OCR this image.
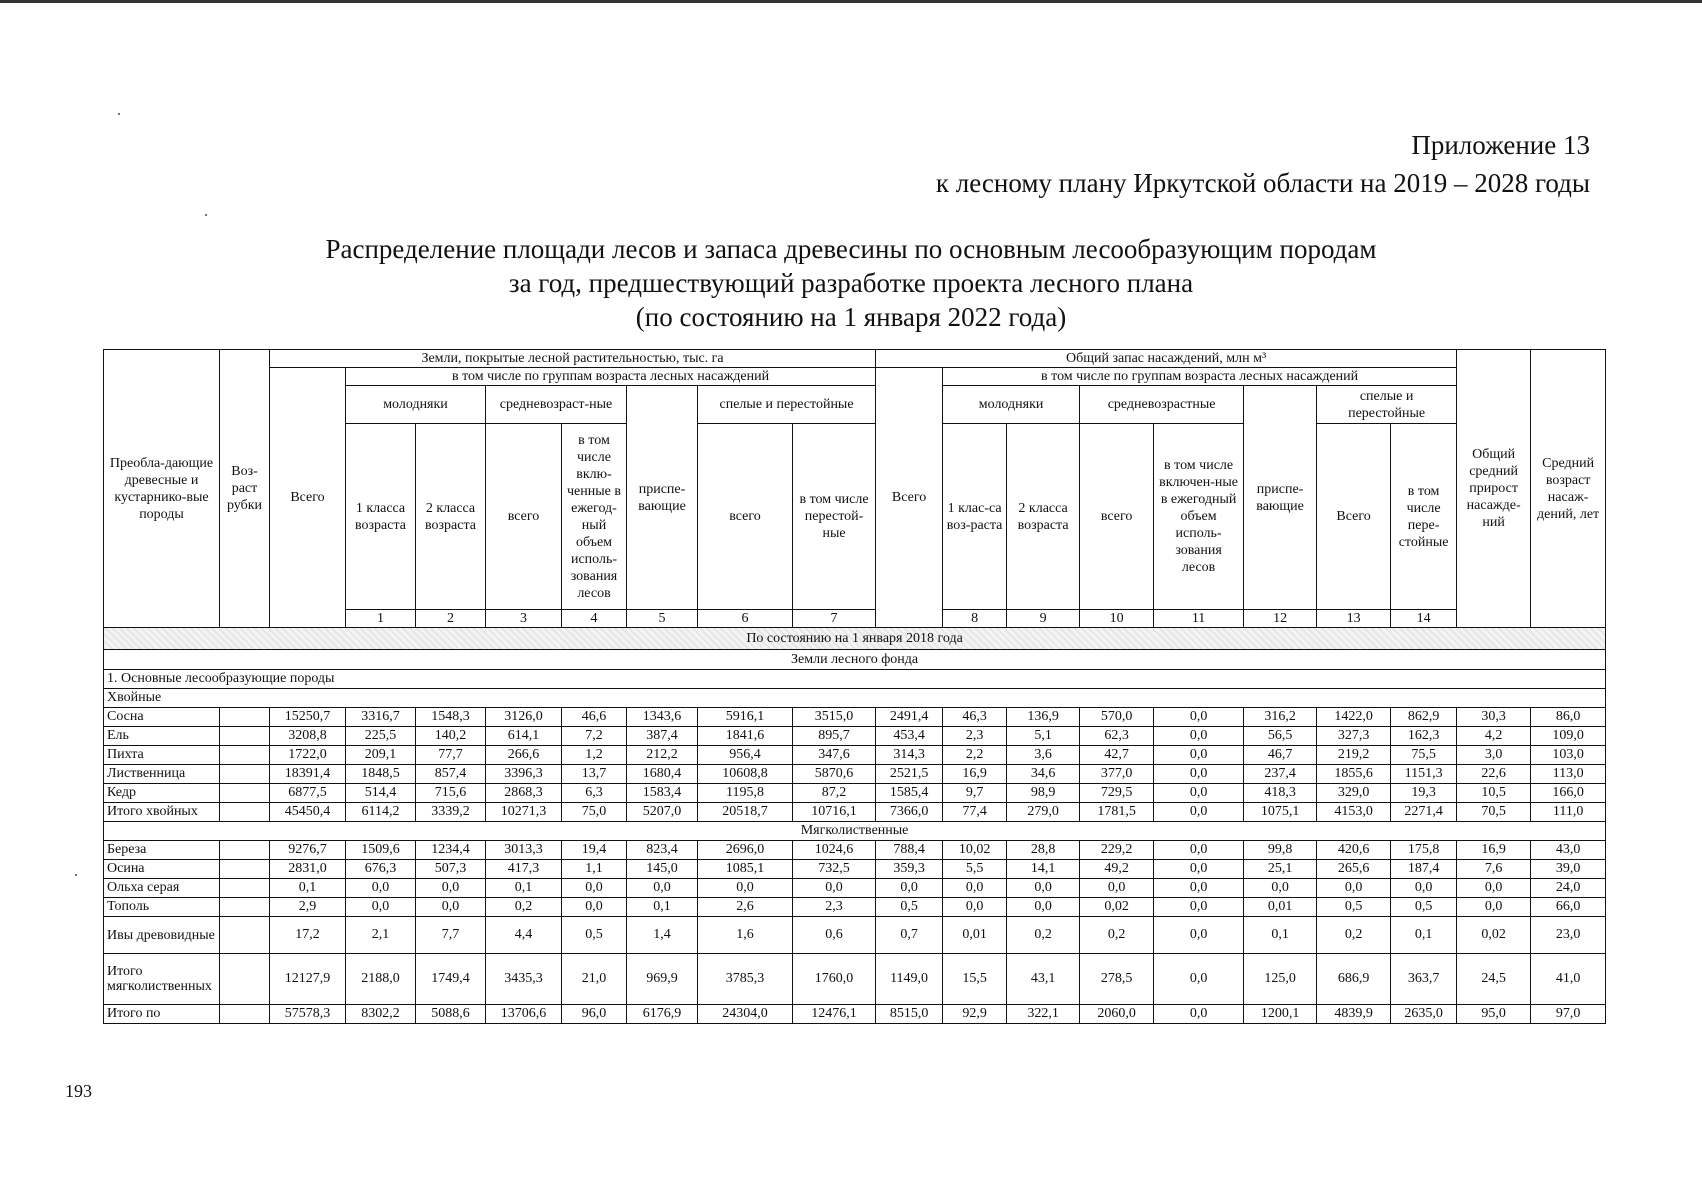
Приложение 13
к лесному плану Иркутской области на 2019 – 2028 годы
Распределение площади лесов и запаса древесины по основным лесообразующим породам
за год, предшествующий разработке проекта лесного плана
(по состоянию на 1 января 2022 года)
Преобла-дающие древесные и кустарнико-вые породы	Воз-раст рубки	Земли, покрытые лесной растительностью, тыс. га								Общий запас насаждений, млн м³								Общий средний прирост насажде-ний	Средний возраст насаж-дений, лет	
		Всего	в том числе по группам возраста лесных насаждений							Всего	в том числе по группам возраста лесных насаждений									
			молодняки		средневозраст-ные		приспе-вающие	спелые и перестойные			молодняки		средневозрастные		приспе-вающие	спелые и перестойные				
			1 класса возраста	2 класса возраста	всего	в том числе вклю-ченные в ежегод-ный объем исполь-зования лесов		всего	в том числе перестой-ные		1 клас-са воз-раста	2 класса возраста	всего	в том числе включен-ные в ежегодный объем исполь-зования лесов		Всего	в том числе пере-стойные			
			1	2	3	4	5	6	7		8	9	10	11	12	13	14						
По состоянию на 1 января 2018 года																				
Земли лесного фонда																				
1. Основные лесообразующие породы																				
Хвойные																				
Сосна		15250,7	3316,7	1548,3	3126,0	46,6	1343,6	5916,1	3515,0	2491,4	46,3	136,9	570,0	0,0	316,2	1422,0	862,9	30,3	86,0	
Ель		3208,8	225,5	140,2	614,1	7,2	387,4	1841,6	895,7	453,4	2,3	5,1	62,3	0,0	56,5	327,3	162,3	4,2	109,0	
Пихта		1722,0	209,1	77,7	266,6	1,2	212,2	956,4	347,6	314,3	2,2	3,6	42,7	0,0	46,7	219,2	75,5	3,0	103,0	
Лиственница		18391,4	1848,5	857,4	3396,3	13,7	1680,4	10608,8	5870,6	2521,5	16,9	34,6	377,0	0,0	237,4	1855,6	1151,3	22,6	113,0	
Кедр		6877,5	514,4	715,6	2868,3	6,3	1583,4	1195,8	87,2	1585,4	9,7	98,9	729,5	0,0	418,3	329,0	19,3	10,5	166,0	
Итого хвойных		45450,4	6114,2	3339,2	10271,3	75,0	5207,0	20518,7	10716,1	7366,0	77,4	279,0	1781,5	0,0	1075,1	4153,0	2271,4	70,5	111,0	
Мягколиственные																				
Береза		9276,7	1509,6	1234,4	3013,3	19,4	823,4	2696,0	1024,6	788,4	10,02	28,8	229,2	0,0	99,8	420,6	175,8	16,9	43,0	
Осина		2831,0	676,3	507,3	417,3	1,1	145,0	1085,1	732,5	359,3	5,5	14,1	49,2	0,0	25,1	265,6	187,4	7,6	39,0	
Ольха серая		0,1	0,0	0,0	0,1	0,0	0,0	0,0	0,0	0,0	0,0	0,0	0,0	0,0	0,0	0,0	0,0	0,0	24,0	
Тополь		2,9	0,0	0,0	0,2	0,0	0,1	2,6	2,3	0,5	0,0	0,0	0,02	0,0	0,01	0,5	0,5	0,0	66,0	
Ивы древовидные		17,2	2,1	7,7	4,4	0,5	1,4	1,6	0,6	0,7	0,01	0,2	0,2	0,0	0,1	0,2	0,1	0,02	23,0	
Итого мягколиственных		12127,9	2188,0	1749,4	3435,3	21,0	969,9	3785,3	1760,0	1149,0	15,5	43,1	278,5	0,0	125,0	686,9	363,7	24,5	41,0	
Итого по		57578,3	8302,2	5088,6	13706,6	96,0	6176,9	24304,0	12476,1	8515,0	92,9	322,1	2060,0	0,0	1200,1	4839,9	2635,0	95,0	97,0	
193
